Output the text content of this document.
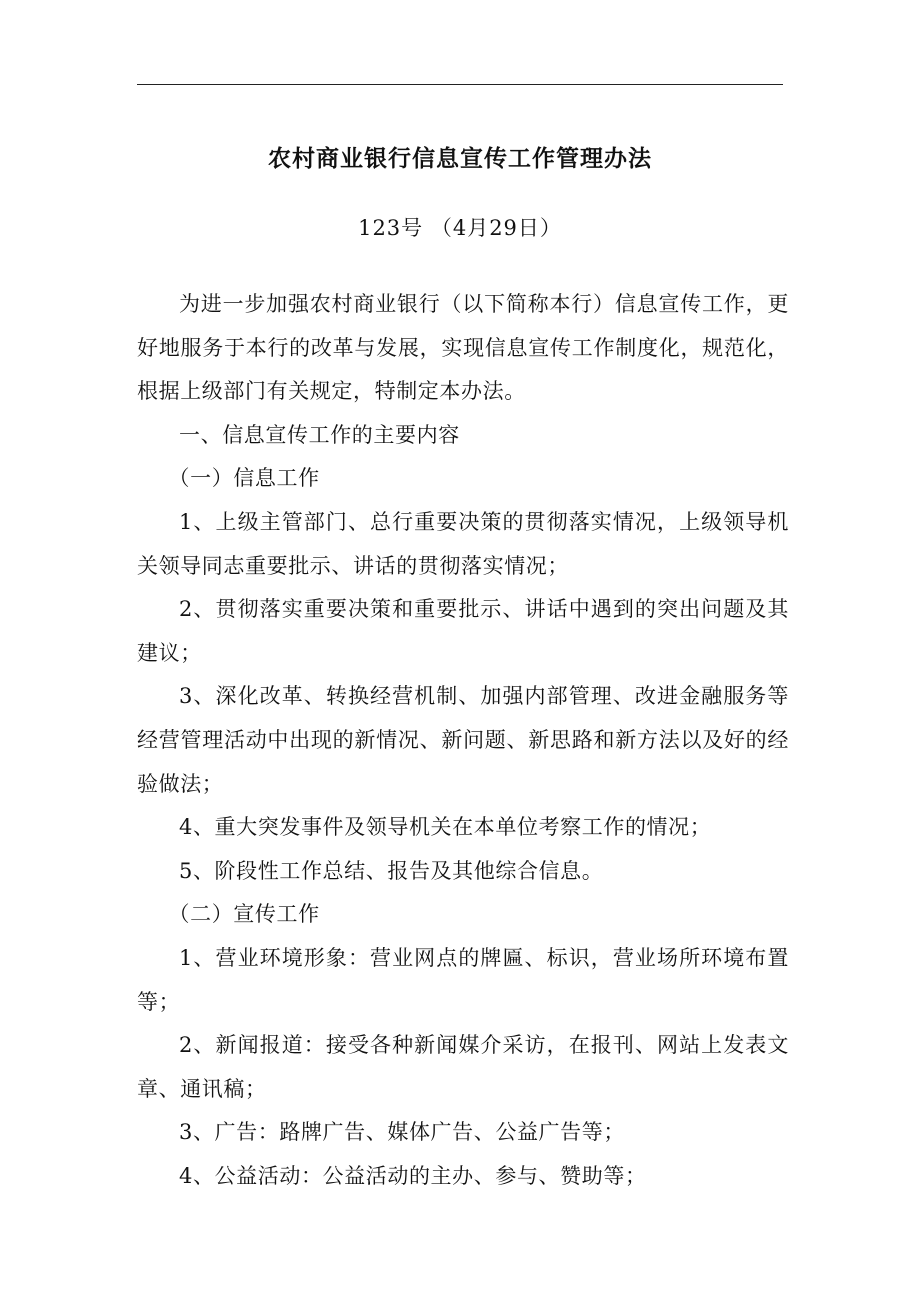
农村商业银行信息宣传工作管理办法
123号 （4月29日）

为进一步加强农村商业银行（以下简称本行）信息宣传工作，更好地服务于本行的改革与发展，实现信息宣传工作制度化，规范化，根据上级部门有关规定，特制定本办法。

一、信息宣传工作的主要内容

（一）信息工作

1、上级主管部门、总行重要决策的贯彻落实情况，上级领导机关领导同志重要批示、讲话的贯彻落实情况；

2、贯彻落实重要决策和重要批示、讲话中遇到的突出问题及其建议；

3、深化改革、转换经营机制、加强内部管理、改进金融服务等经营管理活动中出现的新情况、新问题、新思路和新方法以及好的经验做法；

4、重大突发事件及领导机关在本单位考察工作的情况；

5、阶段性工作总结、报告及其他综合信息。

（二）宣传工作

1、营业环境形象：营业网点的牌匾、标识，营业场所环境布置等；

2、新闻报道：接受各种新闻媒介采访，在报刊、网站上发表文章、通讯稿；

3、广告：路牌广告、媒体广告、公益广告等；

4、公益活动：公益活动的主办、参与、赞助等；
